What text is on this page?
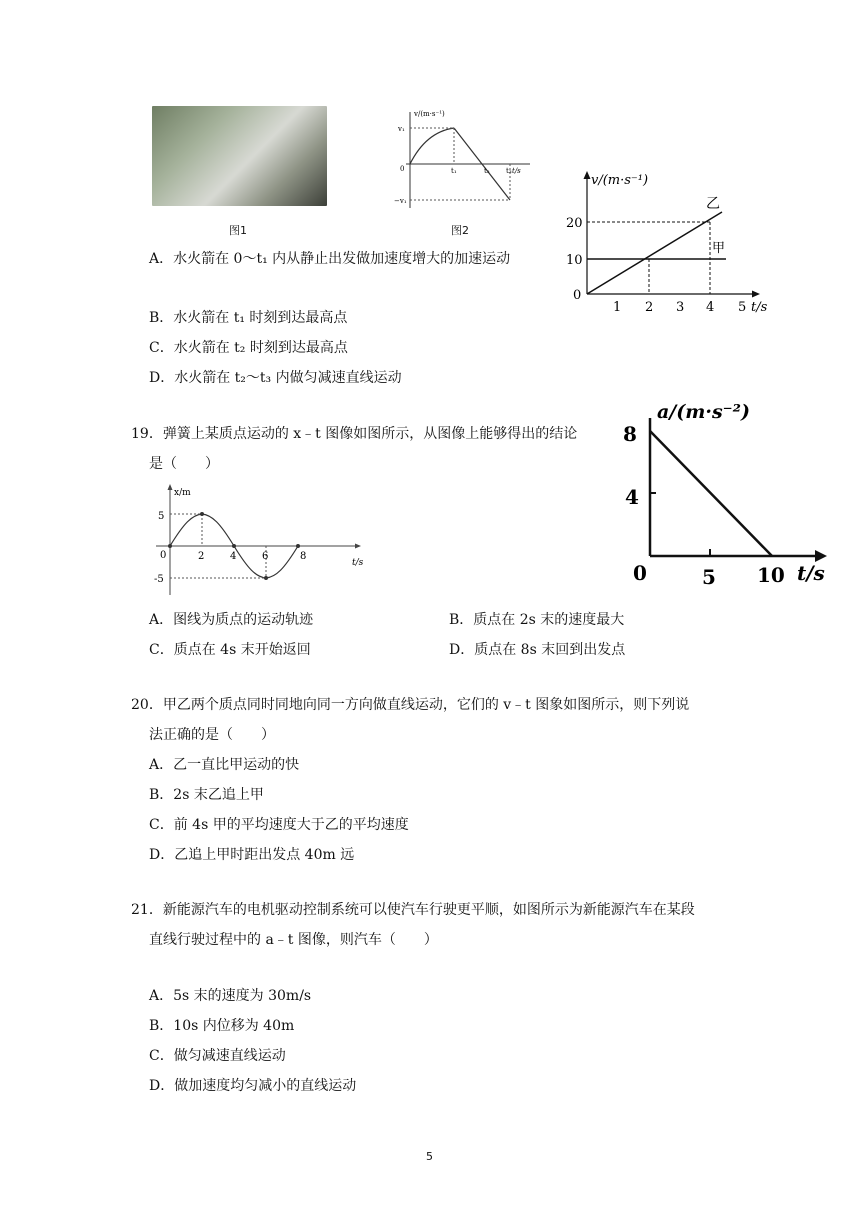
图1
v/(m·s⁻¹)
v₁
0
−v₁
t₁	t₂ t₃ t/s
图2
v/(m·s⁻¹)
20
10
0
1 2 3 4 5 t/s
乙
甲
A．水火箭在 0～t₁ 内从静止出发做加速度增大的加速运动
B．水火箭在 t₁ 时刻到达最高点
C．水火箭在 t₂ 时刻到达最高点
D．水火箭在 t₂～t₃ 内做匀减速直线运动
a/(m·s⁻²)
8
4
0	5 10 t/s
19．弹簧上某质点运动的 x﹣t 图像如图所示，从图像上能够得出的结论
是（　　）
x/m
5
0
-5
2	4	6	8
t/s
A．图线为质点的运动轨迹	B．质点在 2s 末的速度最大
C．质点在 4s 末开始返回	D．质点在 8s 末回到出发点
20．甲乙两个质点同时同地向同一方向做直线运动，它们的 v﹣t 图象如图所示，则下列说
法正确的是（　　）
A．乙一直比甲运动的快
B．2s 末乙追上甲
C．前 4s 甲的平均速度大于乙的平均速度
D．乙追上甲时距出发点 40m 远
21．新能源汽车的电机驱动控制系统可以使汽车行驶更平顺，如图所示为新能源汽车在某段
直线行驶过程中的 a﹣t 图像，则汽车（　　）
A．5s 末的速度为 30m/s
B．10s 内位移为 40m
C．做匀减速直线运动
D．做加速度均匀减小的直线运动
5
